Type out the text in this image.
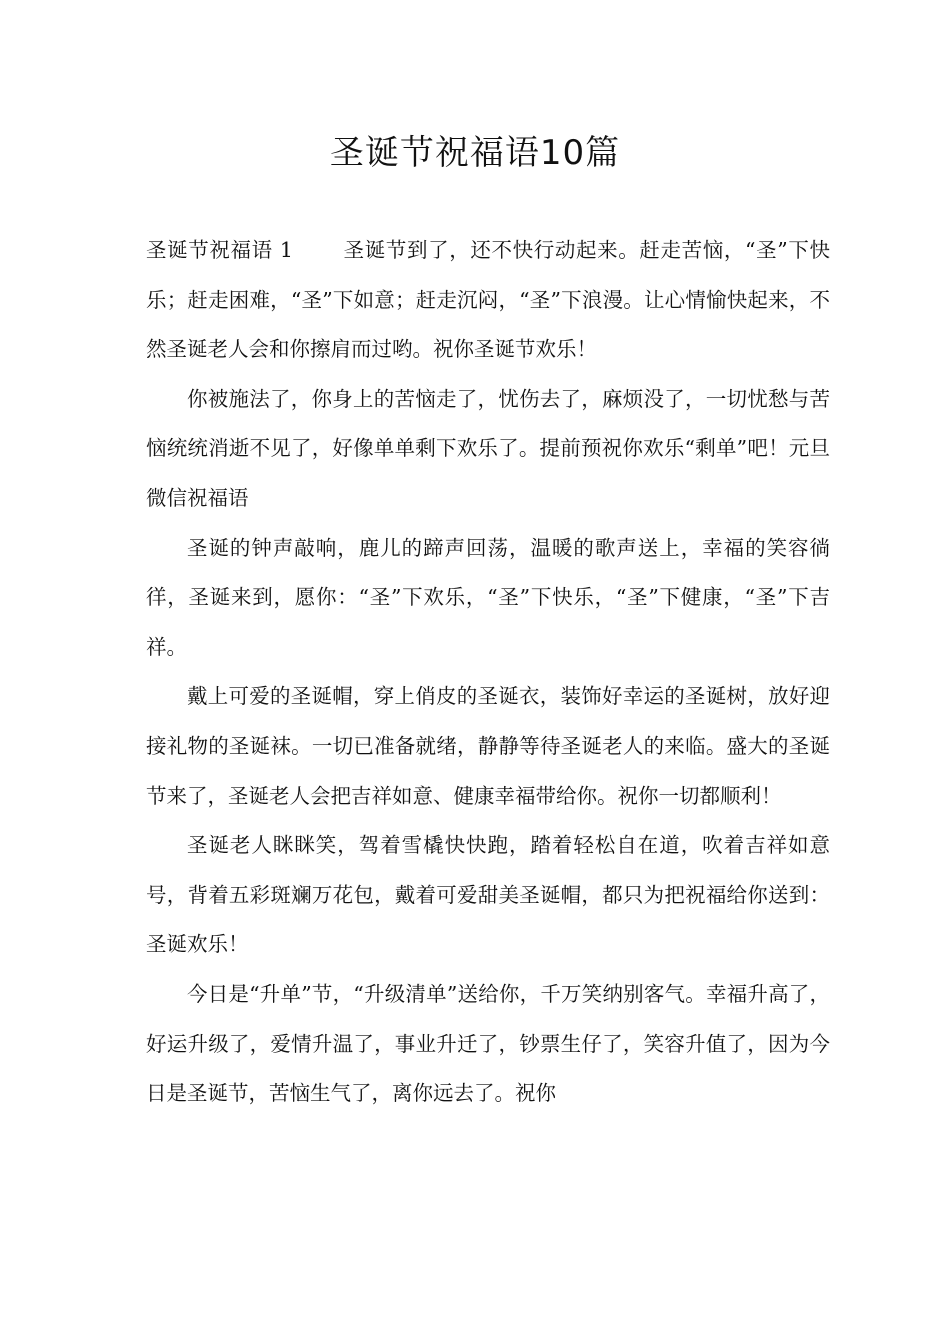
圣诞节祝福语10篇

圣诞节祝福语 1 圣诞节到了，还不快行动起来。赶走苦恼，“圣”下快乐；赶走困难，“圣”下如意；赶走沉闷，“圣”下浪漫。让心情愉快起来，不然圣诞老人会和你擦肩而过哟。祝你圣诞节欢乐！

你被施法了，你身上的苦恼走了，忧伤去了，麻烦没了，一切忧愁与苦恼统统消逝不见了，好像单单剩下欢乐了。提前预祝你欢乐“剩单”吧！元旦微信祝福语

圣诞的钟声敲响，鹿儿的蹄声回荡，温暖的歌声送上，幸福的笑容徜徉，圣诞来到，愿你：“圣”下欢乐，“圣”下快乐，“圣”下健康，“圣”下吉祥。

戴上可爱的圣诞帽，穿上俏皮的圣诞衣，装饰好幸运的圣诞树，放好迎接礼物的圣诞袜。一切已准备就绪，静静等待圣诞老人的来临。盛大的圣诞节来了，圣诞老人会把吉祥如意、健康幸福带给你。祝你一切都顺利！

圣诞老人眯眯笑，驾着雪橇快快跑，踏着轻松自在道，吹着吉祥如意号，背着五彩斑斓万花包，戴着可爱甜美圣诞帽，都只为把祝福给你送到：圣诞欢乐！

今日是“升单”节，“升级清单”送给你，千万笑纳别客气。幸福升高了，好运升级了，爱情升温了，事业升迁了，钞票生仔了，笑容升值了，因为今日是圣诞节，苦恼生气了，离你远去了。祝你
